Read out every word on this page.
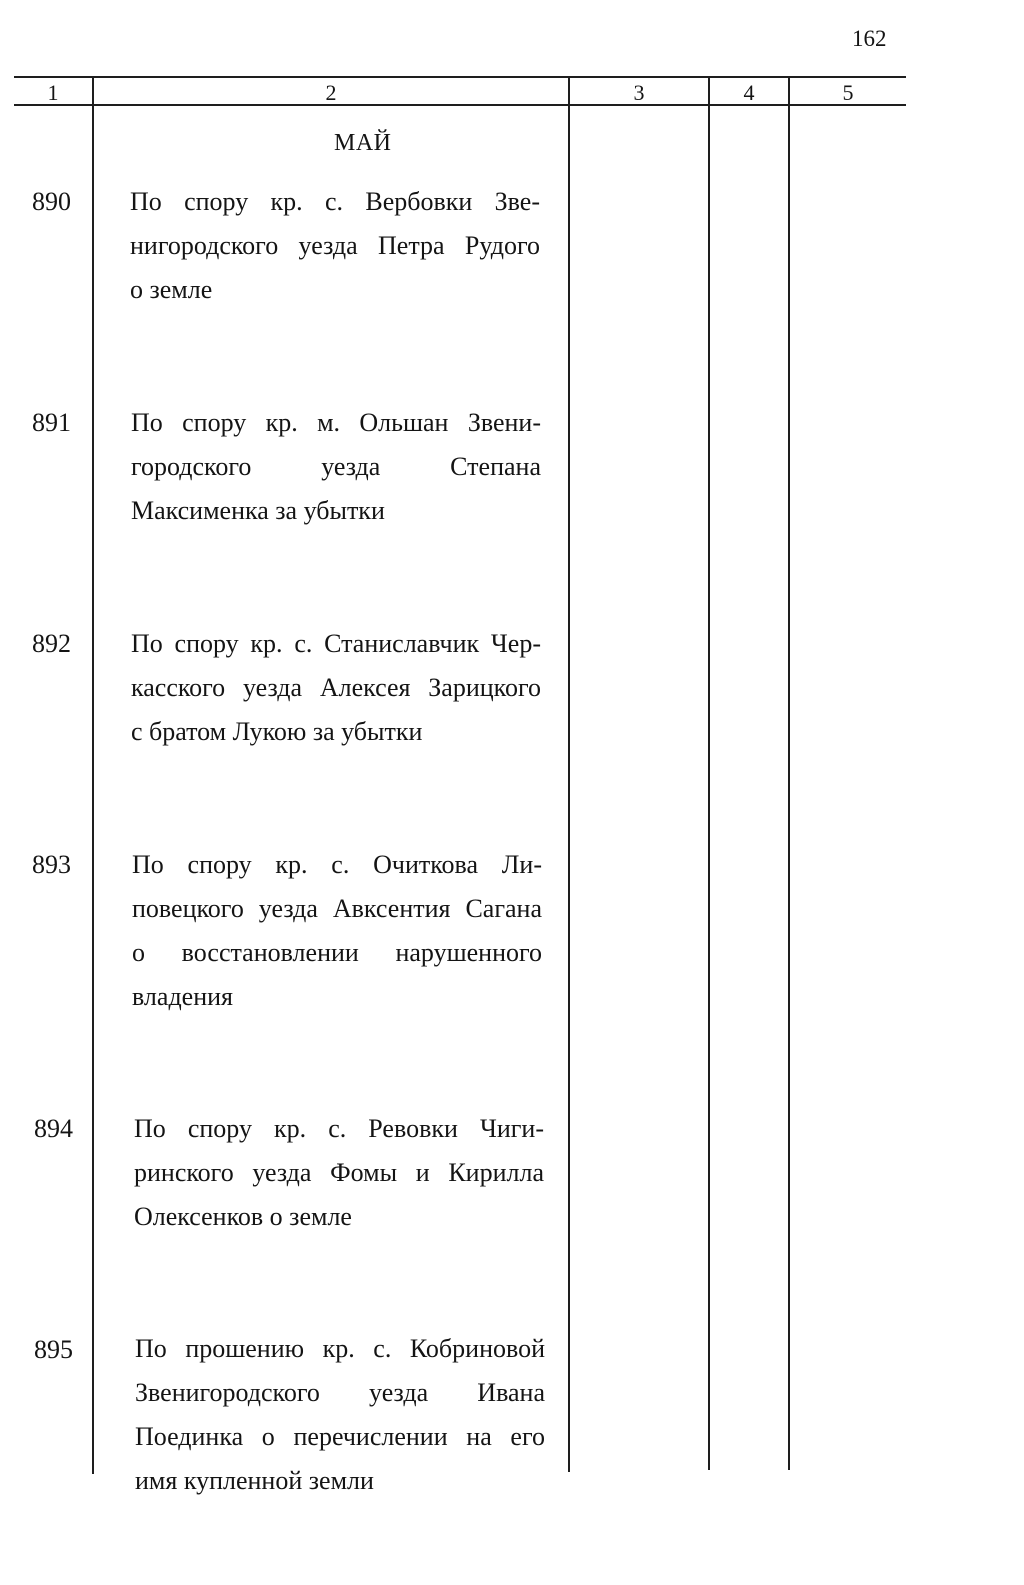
162
1	2	3	4	5
МАЙ
890 По спору кр. с. Вербовки Зве-
нигородского уезда Петра Рудого
о земле
891 По спору кр. м. Ольшан Звени-
городского уезда Степана
Максименка за убытки
892 По спору кр. с. Станиславчик Чер-
касского уезда Алексея Зарицкого
с братом Лукою за убытки
893 По спору кр. с. Очиткова Ли-
повецкого уезда Авксентия Сагана
о восстановлении нарушенного
владения
894 По спору кр. с. Ревовки Чиги-
ринского уезда Фомы и Кирилла
Олексенков о земле
895 По прошению кр. с. Кобриновой
Звенигородского уезда Ивана
Поединка о перечислении на его
имя купленной земли
